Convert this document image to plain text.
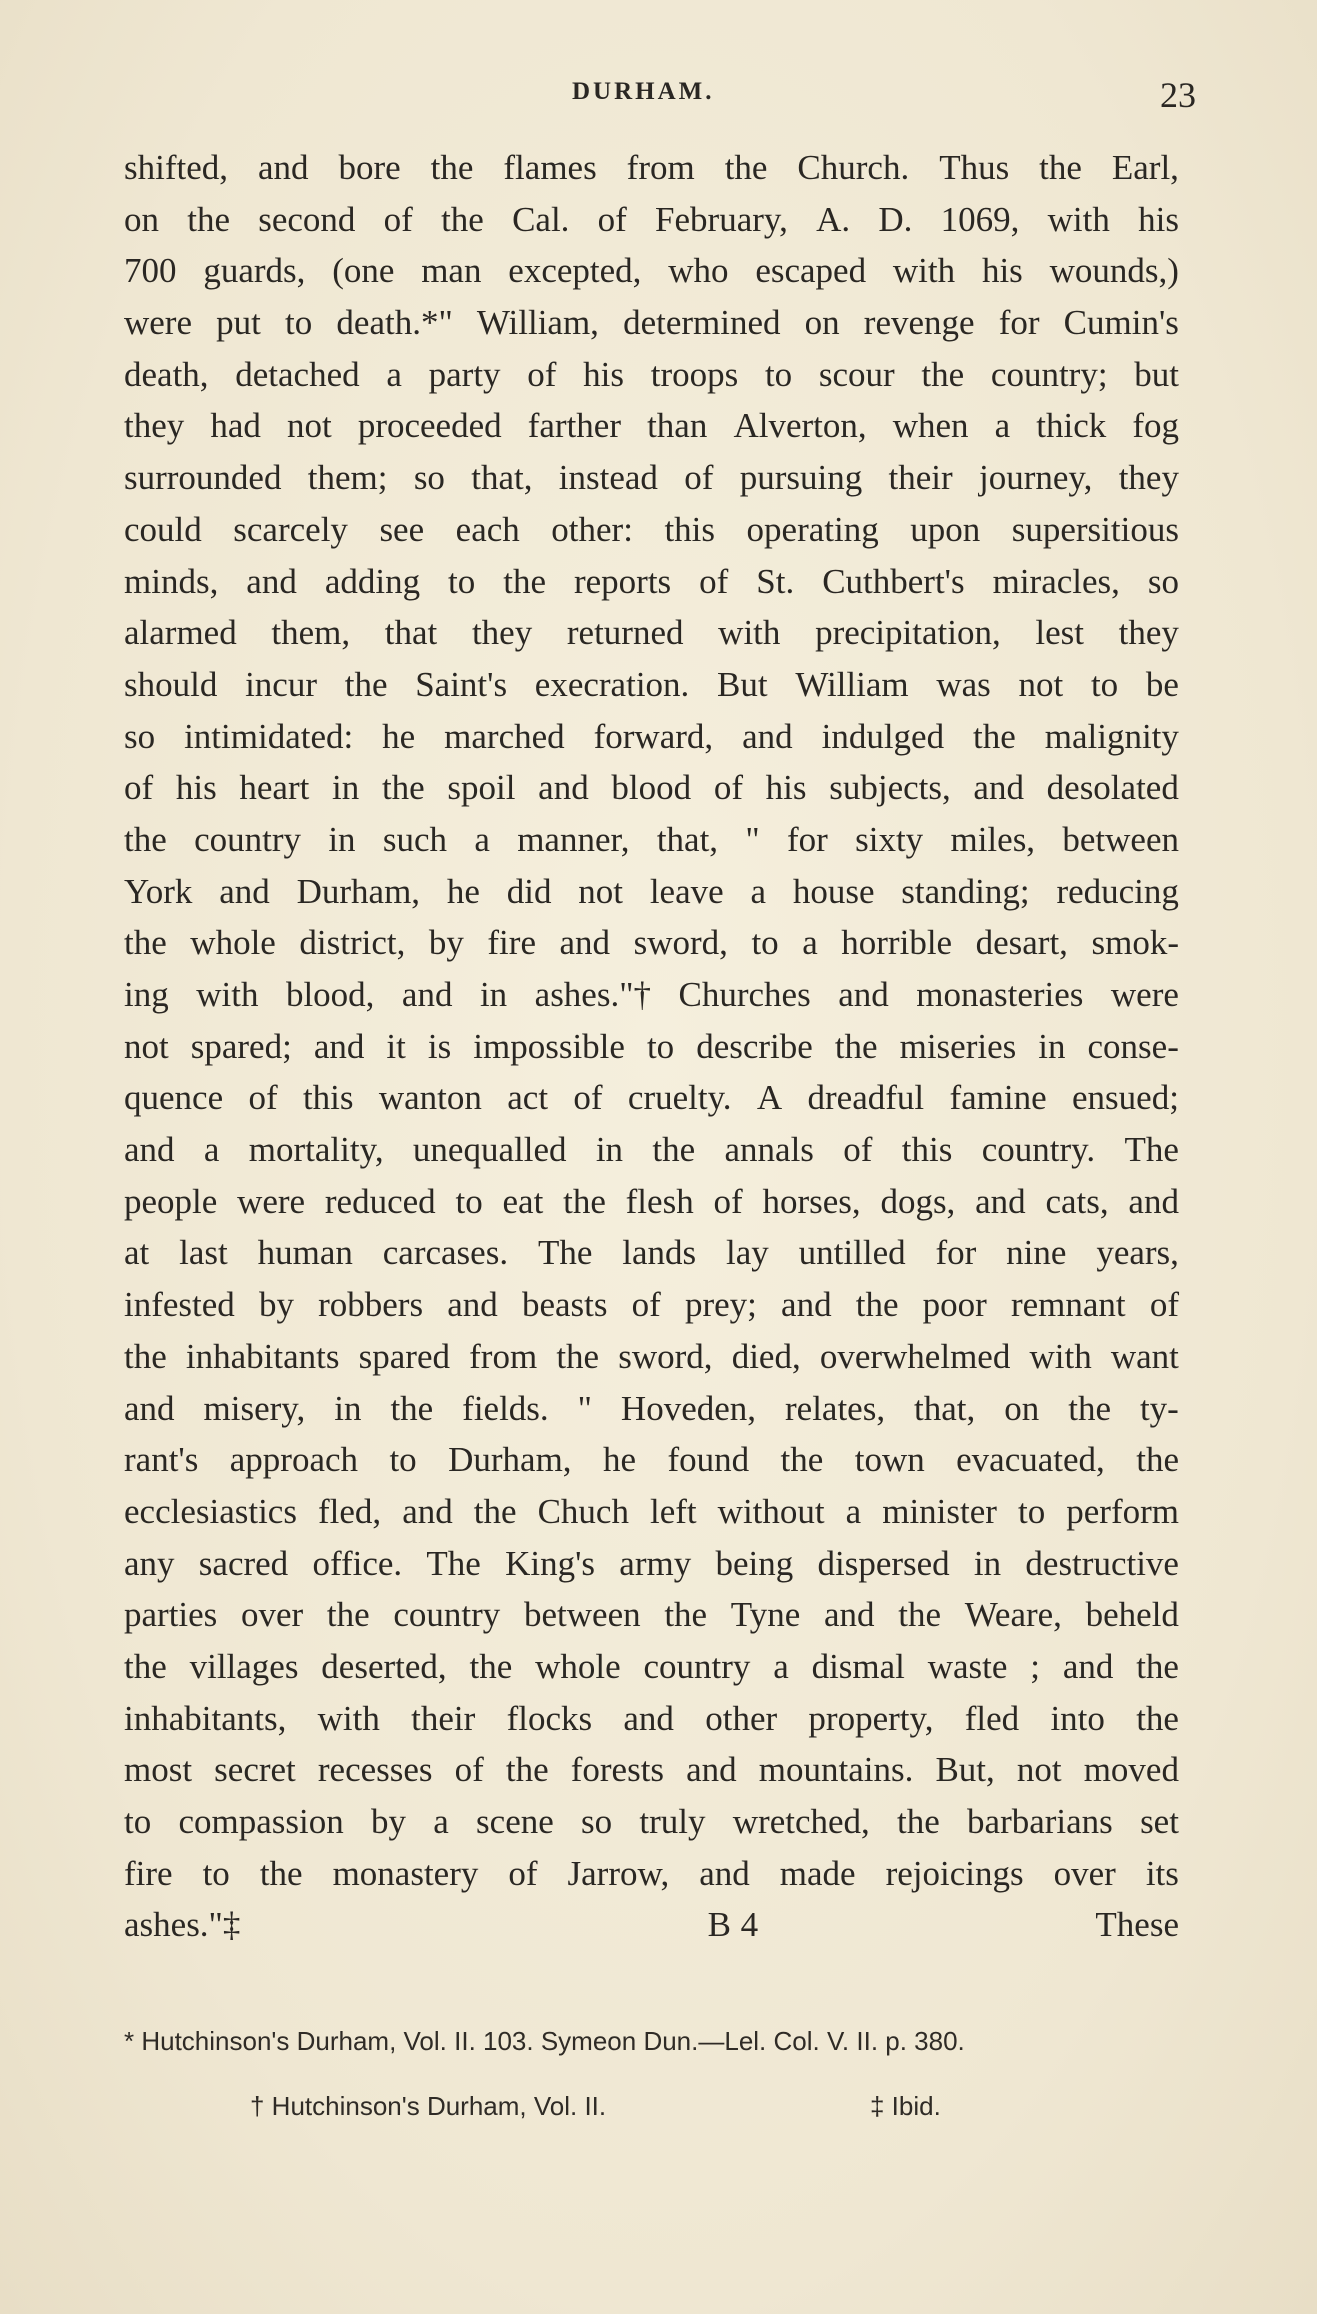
DURHAM.	23
shifted, and bore the flames from the Church. Thus the Earl,
on the second of the Cal. of February, A. D. 1069, with his
700 guards, (one man excepted, who escaped with his wounds,)
were put to death.*" William, determined on revenge for Cumin's
death, detached a party of his troops to scour the country; but
they had not proceeded farther than Alverton, when a thick fog
surrounded them; so that, instead of pursuing their journey, they
could scarcely see each other: this operating upon supersitious
minds, and adding to the reports of St. Cuthbert's miracles, so
alarmed them, that they returned with precipitation, lest they
should incur the Saint's execration. But William was not to be
so intimidated: he marched forward, and indulged the malignity
of his heart in the spoil and blood of his subjects, and desolated
the country in such a manner, that, " for sixty miles, between
York and Durham, he did not leave a house standing; reducing
the whole district, by fire and sword, to a horrible desart, smok-
ing with blood, and in ashes."† Churches and monasteries were
not spared; and it is impossible to describe the miseries in conse-
quence of this wanton act of cruelty. A dreadful famine ensued;
and a mortality, unequalled in the annals of this country. The
people were reduced to eat the flesh of horses, dogs, and cats, and
at last human carcases. The lands lay untilled for nine years,
infested by robbers and beasts of prey; and the poor remnant of
the inhabitants spared from the sword, died, overwhelmed with want
and misery, in the fields. " Hoveden, relates, that, on the ty-
rant's approach to Durham, he found the town evacuated, the
ecclesiastics fled, and the Chuch left without a minister to perform
any sacred office. The King's army being dispersed in destructive
parties over the country between the Tyne and the Weare, beheld
the villages deserted, the whole country a dismal waste ; and the
inhabitants, with their flocks and other property, fled into the
most secret recesses of the forests and mountains. But, not moved
to compassion by a scene so truly wretched, the barbarians set
fire to the monastery of Jarrow, and made rejoicings over its
ashes."‡	B 4	These
* Hutchinson's Durham, Vol. II. 103. Symeon Dun.—Lel. Col. V. II. p. 380.
† Hutchinson's Durham, Vol. II.	‡ Ibid.
